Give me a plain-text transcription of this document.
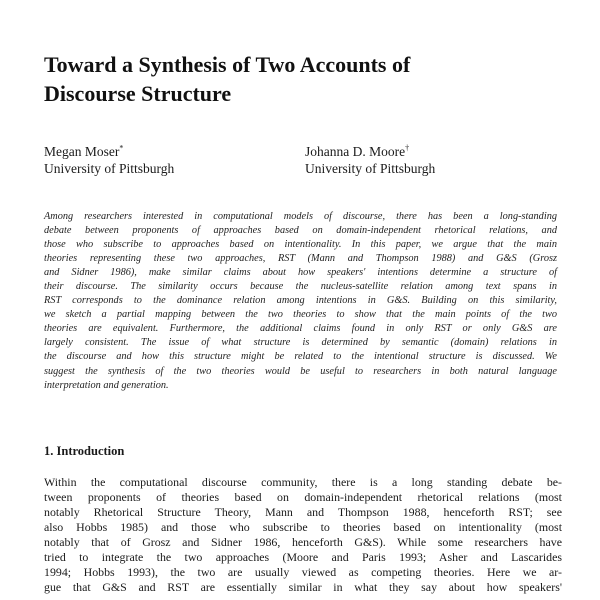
Toward a Synthesis of Two Accounts of
Discourse Structure
Megan Moser*
University of Pittsburgh
Johanna D. Moore†
University of Pittsburgh
Among researchers interested in computational models of discourse, there has been a long-standing
debate between proponents of approaches based on domain-independent rhetorical relations, and
those who subscribe to approaches based on intentionality. In this paper, we argue that the main
theories representing these two approaches, RST (Mann and Thompson 1988) and G&S (Grosz
and Sidner 1986), make similar claims about how speakers' intentions determine a structure of
their discourse. The similarity occurs because the nucleus-satellite relation among text spans in
RST corresponds to the dominance relation among intentions in G&S. Building on this similarity,
we sketch a partial mapping between the two theories to show that the main points of the two
theories are equivalent. Furthermore, the additional claims found in only RST or only G&S are
largely consistent. The issue of what structure is determined by semantic (domain) relations in
the discourse and how this structure might be related to the intentional structure is discussed. We
suggest the synthesis of the two theories would be useful to researchers in both natural language
interpretation and generation.
1. Introduction
Within the computational discourse community, there is a long standing debate be-
tween proponents of theories based on domain-independent rhetorical relations (most
notably Rhetorical Structure Theory, Mann and Thompson 1988, henceforth RST; see
also Hobbs 1985) and those who subscribe to theories based on intentionality (most
notably that of Grosz and Sidner 1986, henceforth G&S). While some researchers have
tried to integrate the two approaches (Moore and Paris 1993; Asher and Lascarides
1994; Hobbs 1993), the two are usually viewed as competing theories. Here we ar-
gue that G&S and RST are essentially similar in what they say about how speakers'
